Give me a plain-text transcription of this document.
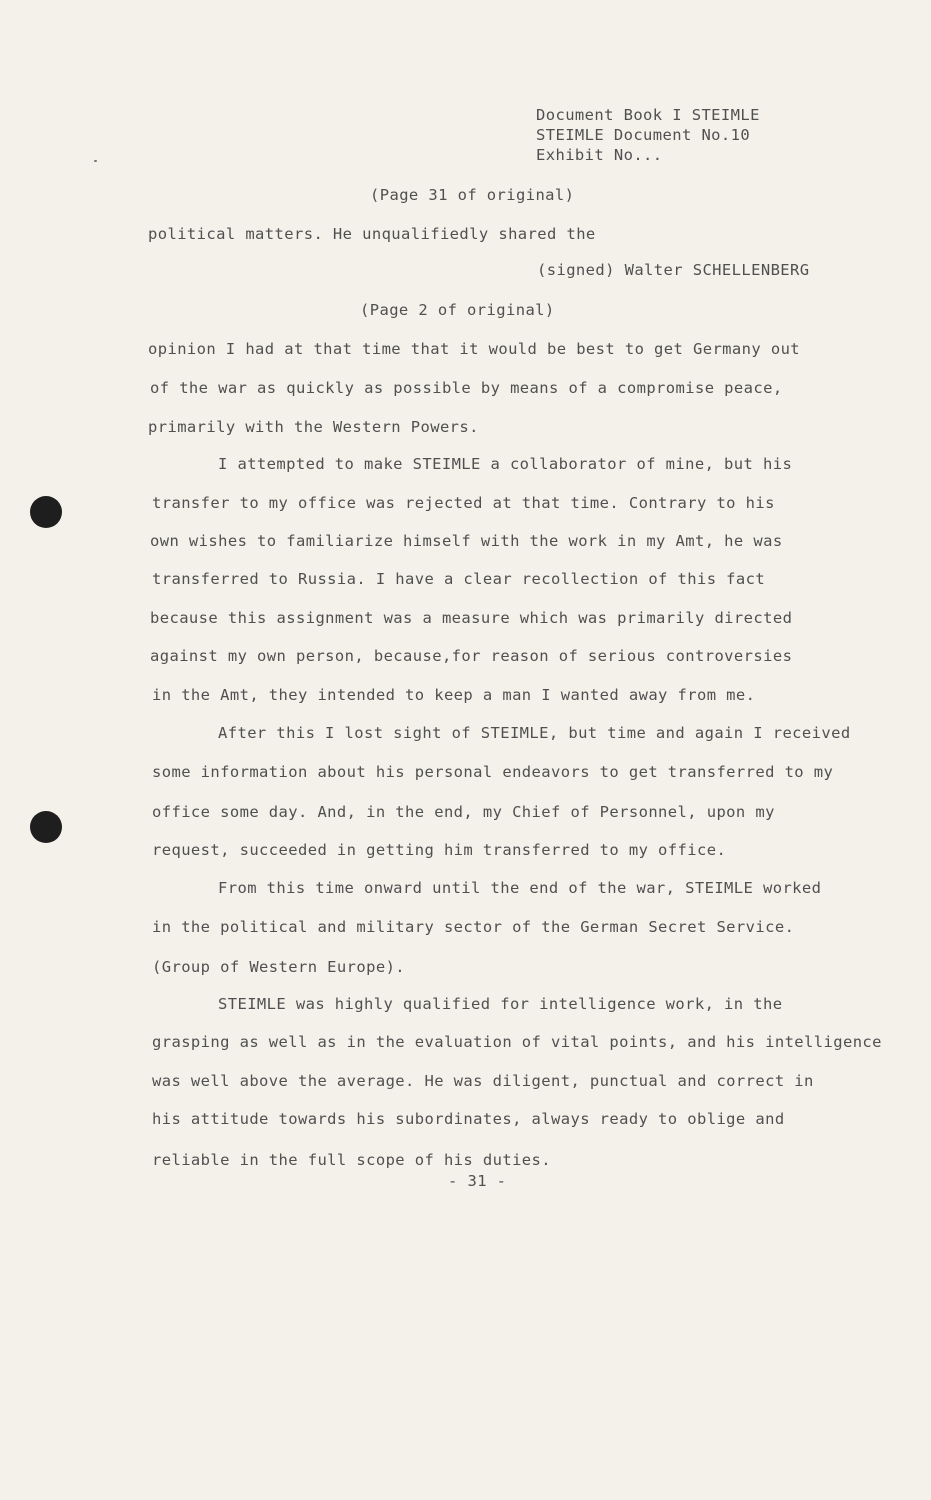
Document Book I STEIMLE
STEIMLE Document No.10
Exhibit No...
(Page 31 of original)
political matters. He unqualifiedly shared the
(signed) Walter SCHELLENBERG
(Page 2 of original)
opinion I had at that time that it would be best to get Germany out
of the war as quickly as possible by means of a compromise peace,
primarily with the Western Powers.
I attempted to make STEIMLE a collaborator of mine, but his
transfer to my office was rejected at that time. Contrary to his
own wishes to familiarize himself with the work in my Amt, he was
transferred to Russia. I have a clear recollection of this fact
because this assignment was a measure which was primarily directed
against my own person, because,for reason of serious controversies
in the Amt, they intended to keep a man I wanted away from me.
After this I lost sight of STEIMLE, but time and again I received
some information about his personal endeavors to get transferred to my
office some day. And, in the end, my Chief of Personnel, upon my
request, succeeded in getting him transferred to my office.
From this time onward until the end of the war, STEIMLE worked
in the political and military sector of the German Secret Service.
(Group of Western Europe).
STEIMLE was highly qualified for intelligence work, in the
grasping as well as in the evaluation of vital points, and his intelligence
was well above the average. He was diligent, punctual and correct in
his attitude towards his subordinates, always ready to oblige and
reliable in the full scope of his duties.
- 31 -
